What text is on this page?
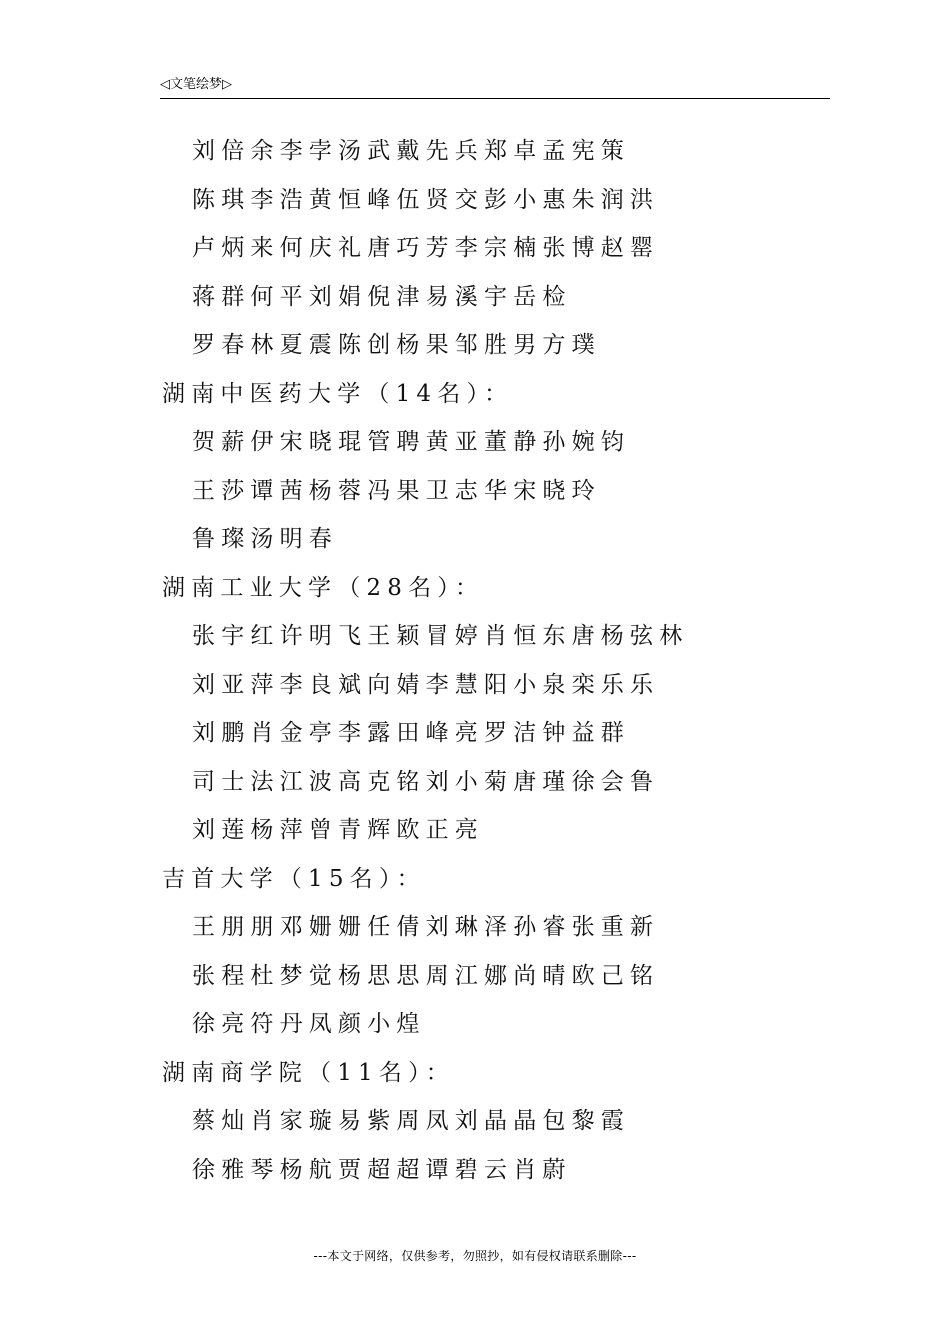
◁文笔绘梦▷
刘倍余李孛汤武戴先兵郑卓孟宪策
陈琪李浩黄恒峰伍贤交彭小惠朱润洪
卢炳来何庆礼唐巧芳李宗楠张博赵罂
蒋群何平刘娟倪津易溪宇岳检
罗春林夏震陈创杨果邹胜男方璞
湖南中医药大学（14名）：
贺薪伊宋晓琨管聘黄亚董静孙婉钧
王莎谭茜杨蓉冯果卫志华宋晓玲
鲁璨汤明春
湖南工业大学（28名）：
张宇红许明飞王颖冒婷肖恒东唐杨弦林
刘亚萍李良斌向婧李慧阳小泉栾乐乐
刘鹏肖金亭李露田峰亮罗洁钟益群
司士法江波高克铭刘小菊唐瑾徐会鲁
刘莲杨萍曾青辉欧正亮
吉首大学（15名）：
王朋朋邓姗姗任倩刘琳泽孙睿张重新
张程杜梦觉杨思思周江娜尚晴欧己铭
徐亮符丹凤颜小煌
湖南商学院（11名）：
蔡灿肖家璇易紫周凤刘晶晶包黎霞
徐雅琴杨航贾超超谭碧云肖蔚
---本文于网络，仅供参考，勿照抄，如有侵权请联系删除---
